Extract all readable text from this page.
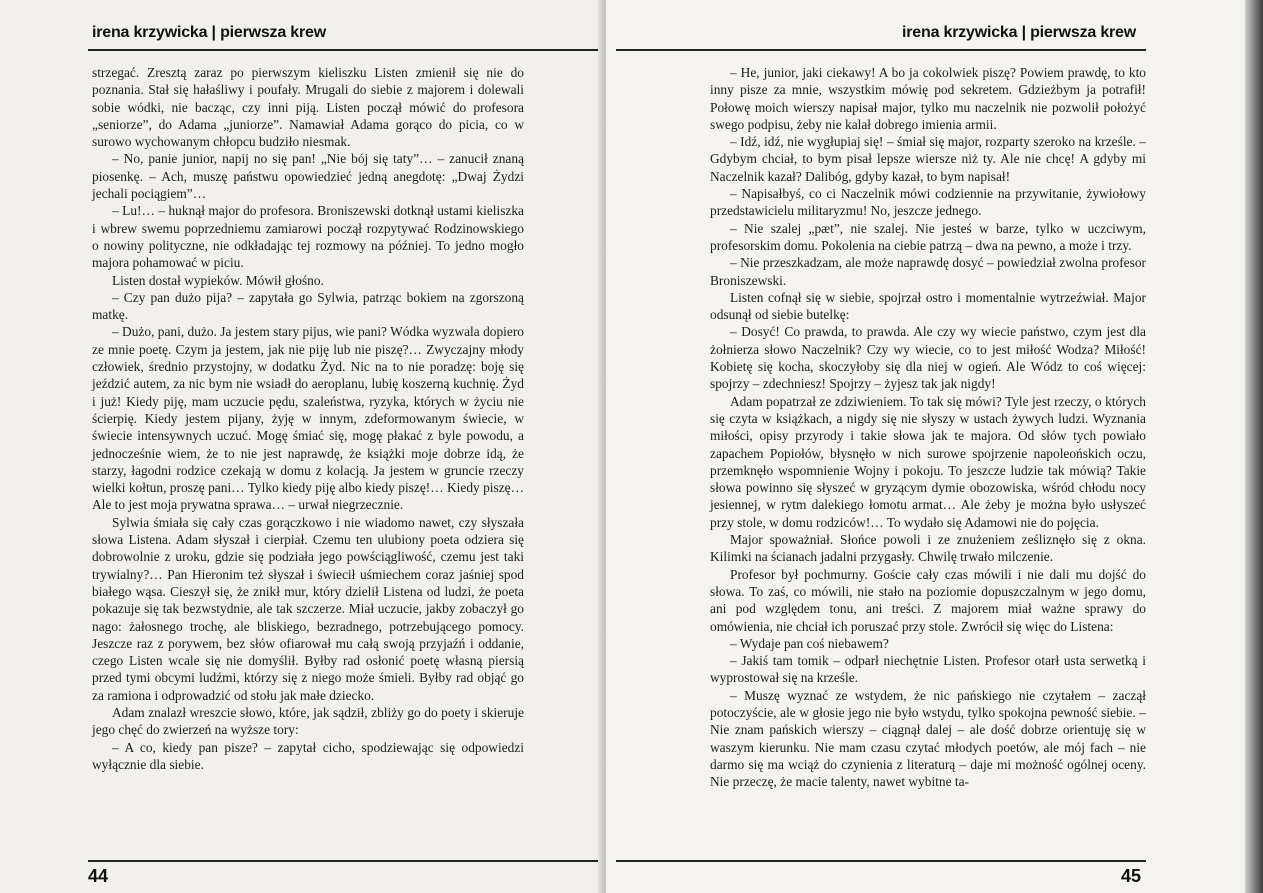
irena krzywicka | pierwsza krew

strzegać. Zresztą zaraz po pierwszym kieliszku Listen zmienił się nie do poznania. Stał się hałaśliwy i poufały. Mrugali do siebie z majorem i dolewali sobie wódki, nie bacząc, czy inni piją. Listen począł mówić do profesora „seniorze”, do Adama „juniorze”. Namawiał Adama gorąco do picia, co w surowo wychowanym chłopcu budziło niesmak.

– No, panie junior, napij no się pan! „Nie bój się taty”… – zanucił znaną piosenkę. – Ach, muszę państwu opowiedzieć jedną anegdotę: „Dwaj Żydzi jechali pociągiem”…

– Lu!… – huknął major do profesora. Broniszewski dotknął ustami kieliszka i wbrew swemu poprzedniemu zamiarowi począł rozpytywać Rodzinowskiego o nowiny polityczne, nie odkładając tej rozmowy na później. To jedno mogło majora pohamować w piciu.

Listen dostał wypieków. Mówił głośno.

– Czy pan dużo pija? – zapytała go Sylwia, patrząc bokiem na zgorszoną matkę.

– Dużo, pani, dużo. Ja jestem stary pijus, wie pani? Wódka wyzwala dopiero ze mnie poetę. Czym ja jestem, jak nie piję lub nie piszę?… Zwyczajny młody człowiek, średnio przystojny, w dodatku Żyd. Nic na to nie poradzę: boję się jeździć autem, za nic bym nie wsiadł do aeroplanu, lubię koszerną kuchnię. Żyd i już! Kiedy piję, mam uczucie pędu, szaleństwa, ryzyka, których w życiu nie ścierpię. Kiedy jestem pijany, żyję w innym, zdeformowanym świecie, w świecie intensywnych uczuć. Mogę śmiać się, mogę płakać z byle powodu, a jednocześnie wiem, że to nie jest naprawdę, że książki moje dobrze idą, że starzy, łagodni rodzice czekają w domu z kolacją. Ja jestem w gruncie rzeczy wielki kołtun, proszę pani… Tylko kiedy piję albo kiedy piszę!… Kiedy piszę… Ale to jest moja prywatna sprawa… – urwał niegrzecznie.

Sylwia śmiała się cały czas gorączkowo i nie wiadomo nawet, czy słyszała słowa Listena. Adam słyszał i cierpiał. Czemu ten ulubiony poeta odziera się dobrowolnie z uroku, gdzie się podziała jego powściągliwość, czemu jest taki trywialny?… Pan Hieronim też słyszał i świecił uśmiechem coraz jaśniej spod białego wąsa. Cieszył się, że znikł mur, który dzielił Listena od ludzi, że poeta pokazuje się tak bezwstydnie, ale tak szczerze. Miał uczucie, jakby zobaczył go nago: żałosnego trochę, ale bliskiego, bezradnego, potrzebującego pomocy. Jeszcze raz z porywem, bez słów ofiarował mu całą swoją przyjaźń i oddanie, czego Listen wcale się nie domyślił. Byłby rad osłonić poetę własną piersią przed tymi obcymi ludźmi, którzy się z niego może śmieli. Byłby rad objąć go za ramiona i odprowadzić od stołu jak małe dziecko.

Adam znalazł wreszcie słowo, które, jak sądził, zbliży go do poety i skieruje jego chęć do zwierzeń na wyższe tory:

– A co, kiedy pan pisze? – zapytał cicho, spodziewając się odpowiedzi wyłącznie dla siebie.

44
irena krzywicka | pierwsza krew

– He, junior, jaki ciekawy! A bo ja cokolwiek piszę? Powiem prawdę, to kto inny pisze za mnie, wszystkim mówię pod sekretem. Gdzieżbym ja potrafił! Połowę moich wierszy napisał major, tylko mu naczelnik nie pozwolił położyć swego podpisu, żeby nie kalał dobrego imienia armii.

– Idź, idź, nie wygłupiaj się! – śmiał się major, rozparty szeroko na krześle. – Gdybym chciał, to bym pisał lepsze wiersze niż ty. Ale nie chcę! A gdyby mi Naczelnik kazał? Dalibóg, gdyby kazał, to bym napisał!

– Napisałbyś, co ci Naczelnik mówi codziennie na przywitanie, żywiołowy przedstawicielu militaryzmu! No, jeszcze jednego.

– Nie szalej „pæt”, nie szalej. Nie jesteś w barze, tylko w uczciwym, profesorskim domu. Pokolenia na ciebie patrzą – dwa na pewno, a może i trzy.

– Nie przeszkadzam, ale może naprawdę dosyć – powiedział zwolna profesor Broniszewski.

Listen cofnął się w siebie, spojrzał ostro i momentalnie wytrzeźwiał. Major odsunął od siebie butelkę:

– Dosyć! Co prawda, to prawda. Ale czy wy wiecie państwo, czym jest dla żołnierza słowo Naczelnik? Czy wy wiecie, co to jest miłość Wodza? Miłość! Kobietę się kocha, skoczyłoby się dla niej w ogień. Ale Wódz to coś więcej: spojrzy – zdechniesz! Spojrzy – żyjesz tak jak nigdy!

Adam popatrzał ze zdziwieniem. To tak się mówi? Tyle jest rzeczy, o których się czyta w książkach, a nigdy się nie słyszy w ustach żywych ludzi. Wyznania miłości, opisy przyrody i takie słowa jak te majora. Od słów tych powiało zapachem Popiołów, błysnęło w nich surowe spojrzenie napoleońskich oczu, przemknęło wspomnienie Wojny i pokoju. To jeszcze ludzie tak mówią? Takie słowa powinno się słyszeć w gryzącym dymie obozowiska, wśród chłodu nocy jesiennej, w rytm dalekiego łomotu armat… Ale żeby je można było usłyszeć przy stole, w domu rodziców!… To wydało się Adamowi nie do pojęcia.

Major spoważniał. Słońce powoli i ze znużeniem ześliznęło się z okna. Kilimki na ścianach jadalni przygasły. Chwilę trwało milczenie.

Profesor był pochmurny. Goście cały czas mówili i nie dali mu dojść do słowa. To zaś, co mówili, nie stało na poziomie dopuszczalnym w jego domu, ani pod względem tonu, ani treści. Z majorem miał ważne sprawy do omówienia, nie chciał ich poruszać przy stole. Zwrócił się więc do Listena:

– Wydaje pan coś niebawem?

– Jakiś tam tomik – odparł niechętnie Listen. Profesor otarł usta serwetką i wyprostował się na krześle.

– Muszę wyznać ze wstydem, że nic pańskiego nie czytałem – zaczął potoczyście, ale w głosie jego nie było wstydu, tylko spokojna pewność siebie. – Nie znam pańskich wierszy – ciągnął dalej – ale dość dobrze orientuję się w waszym kierunku. Nie mam czasu czytać młodych poetów, ale mój fach – nie darmo się ma wciąż do czynienia z literaturą – daje mi możność ogólnej oceny. Nie przeczę, że macie talenty, nawet wybitne ta-

45
